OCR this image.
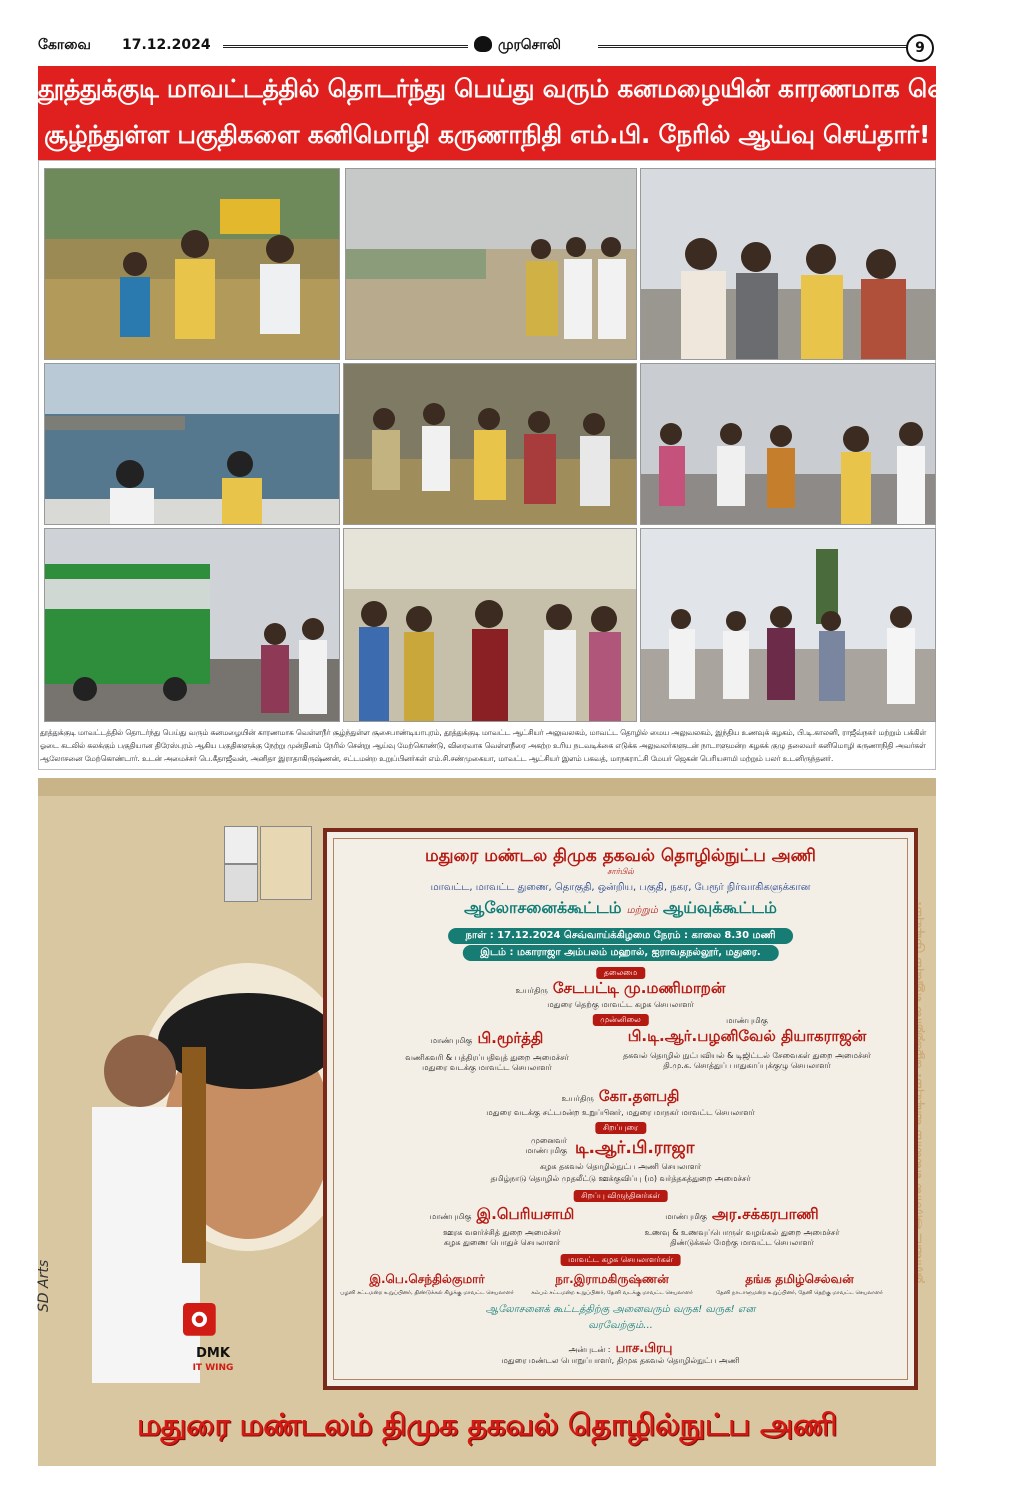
கோவை 17.12.2024	முரசொலி	9
தூத்துக்குடி மாவட்டத்தில் தொடர்ந்து பெய்து வரும் கனமழையின் காரணமாக வெள்ளநீர்
சூழ்ந்துள்ள பகுதிகளை கனிமொழி கருணாநிதி எம்.பி. நேரில் ஆய்வு செய்தார்!
தூத்துக்குடி மாவட்டத்தில் தொடர்ந்து பெய்து வரும் கனமழையின் காரணமாக வெள்ளநீர் சூழ்ந்துள்ள சூசைபாண்டியாபுரம், தூத்துக்குடி மாவட்ட ஆட்சியர் அலுவலகம், மாவட்ட தொழில் மைய அலுவலகம், இந்திய உணவுக் கழகம், பி.டி.காலனி, ராஜீவ்நகர் மற்றும் பக்கிள் ஓடை கடலில் கலக்கும் பகுதியான திரேஸ்புரம் ஆகிய பகுதிகளுக்கு நேற்று முன்தினம் நேரில் சென்று ஆய்வு மேற்கொண்டு, விரைவாக வெள்ளநீரை அகற்ற உரிய நடவடிக்கை எடுக்க அலுவலர்களுடன் நாடாளுமன்ற கழகக் குழு தலைவர் கனிமொழி கருணாநிதி அவர்கள் ஆலோசனை மேற்கொண்டார். உடன் அமைச்சர் பெ.கீதாஜீவன், அனிதா இராதாகிருஷ்ணன், சட்டமன்ற உறுப்பினர்கள் எம்.சி.சண்முகையா, மாவட்ட ஆட்சியர் இளம் பகவத், மாநகராட்சி மேயர் ஜெகன் பெரியசாமி மற்றும் பலர் உடனிருந்தனர்.
DMK
IT WING
SD Arts
மதுரை மண்டல திமுக தகவல் தொழில்நுட்ப அணி
சார்பில்
மாவட்ட, மாவட்ட துணை, தொகுதி, ஒன்றிய, பகுதி, நகர, பேரூர் நிர்வாகிகளுக்கான
ஆலோசனைக்கூட்டம் மற்றும் ஆய்வுக்கூட்டம்
நாள் : 17.12.2024 செவ்வாய்க்கிழமை நேரம் : காலை 8.30 மணி
இடம் : மகாராஜா அம்பலம் மஹால், ஐராவதநல்லூர், மதுரை.
தலைமை
உயர்திரு சேடபட்டி மு.மணிமாறன்
மதுரை தெற்கு மாவட்ட கழக செயலாளர்
முன்னிலை
மாண்புமிகு பி.மூர்த்தி
வணிகவரி & பத்திரப்பதிவுத் துறை அமைச்சர்
மதுரை வடக்கு மாவட்ட செயலாளர்
மாண்புமிகு
பி.டி.ஆர்.பழனிவேல் தியாகராஜன்
தகவல் தொழில் நுட்பவியல் & டிஜிட்டல் சேவைகள் துறை அமைச்சர்
தி.மு.க. சொத்துப் பாதுகாப்புக்குழு செயலாளர்
உயர்திரு கோ.தளபதி
மதுரை வடக்கு சட்டமன்ற உறுப்பினர், மதுரை மாநகர் மாவட்ட செயலாளர்
சிறப்புரை
முனைவர்
மாண்புமிகு டி.ஆர்.பி.ராஜா
கழக தகவல் தொழில்நுட்ப அணி செயலாளர்
தமிழ்நாடு தொழில் முதலீட்டு ஊக்குவிப்பு (ம) வர்த்தகத்துறை அமைச்சர்
சிறப்பு விருந்தினர்கள்
மாண்புமிகு இ.பெரியசாமி
ஊரக வளர்ச்சித் துறை அமைச்சர்
கழக துணை பொதுச் செயலாளர்
மாண்புமிகு அர.சக்கரபாணி
உணவு & உணவுப்பொருள் வழங்கல் துறை அமைச்சர்
திண்டுக்கல் மேற்கு மாவட்ட செயலாளர்
மாவட்ட கழக செயலாளர்கள்
இ.பெ.செந்தில்குமார்
பழனி சட்டமன்ற உறுப்பினர், திண்டுக்கல் கிழக்கு மாவட்ட செயலாளர்
நா.இராமகிருஷ்ணன்
கம்பம் சட்டமன்ற உறுப்பினர், தேனி வடக்கு மாவட்ட செயலாளர்
தங்க தமிழ்செல்வன்
தேனி நாடாளுமன்ற உறுப்பினர், தேனி தெற்கு மாவட்ட செயலாளர்
ஆலோசனைக் கூட்டத்திற்கு அனைவரும் வருக! வருக! என
வரவேற்கும்...
அன்புடன் : பாச.பிரபு
மதுரை மண்டல பொறுப்பாளர், திமுக தகவல் தொழில்நுட்ப அணி
மதுரை மண்டலம் திமுக தகவல் தொழில்நுட்ப அணி
